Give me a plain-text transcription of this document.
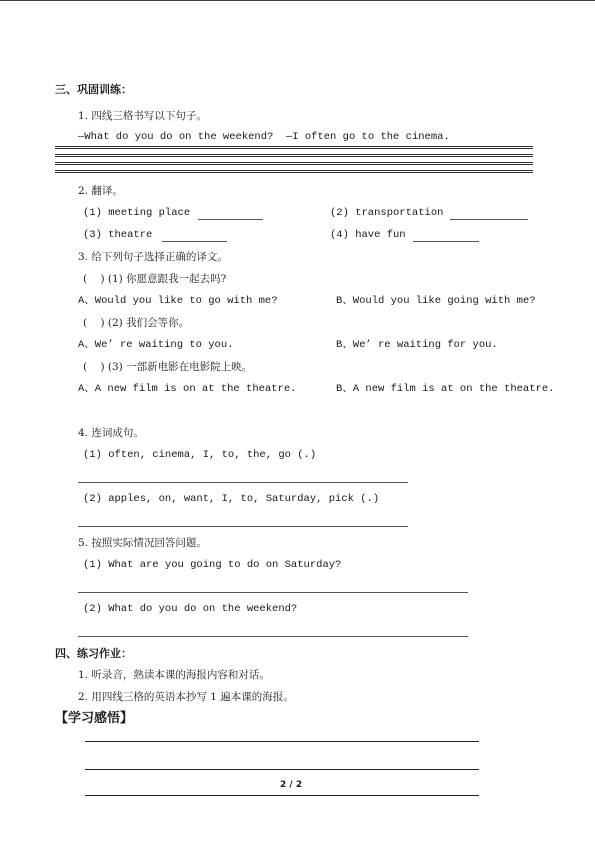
三、巩固训练：
1. 四线三格书写以下句子。
—What do you do on the weekend?  —I often go to the cinema.
2. 翻译。
(1) meeting place	(2) transportation
(3) theatre	(4) have fun
3. 给下列句子选择正确的译文。
(    ) (1) 你愿意跟我一起去吗?
A、Would you like to go with me?	B、Would you like going with me?
(    ) (2) 我们会等你。
A、We’ re waiting to you.	B、We’ re waiting for you.
(    ) (3) 一部新电影在电影院上映。
A、A new film is on at the theatre.	B、A new film is at on the theatre.
4. 连词成句。
(1) often, cinema, I, to, the, go (.)
(2) apples, on, want, I, to, Saturday, pick (.)
5. 按照实际情况回答问题。
(1) What are you going to do on Saturday?
(2) What do you do on the weekend?
四、练习作业：
1. 听录音，熟读本课的海报内容和对话。
2. 用四线三格的英语本抄写 1 遍本课的海报。
【学习感悟】
2 / 2
